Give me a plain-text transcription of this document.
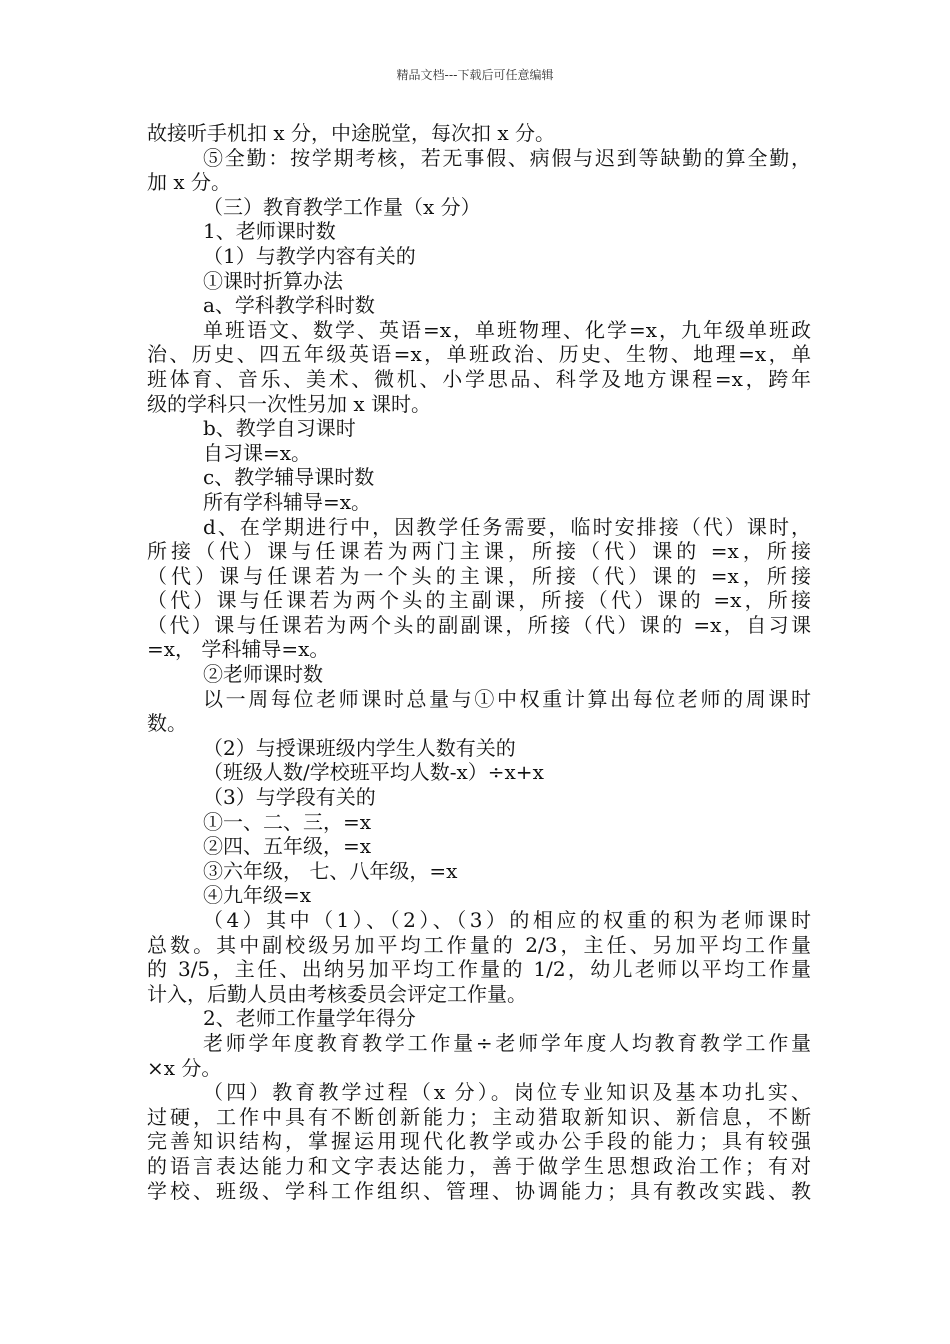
精品文档---下载后可任意编辑
故接听手机扣 x 分，中途脱堂，每次扣 x 分。
⑤全勤：按学期考核，若无事假、病假与迟到等缺勤的算全勤，
加 x 分。
（三）教育教学工作量（x 分）
1、老师课时数
（1）与教学内容有关的
①课时折算办法
a、学科教学科时数
单班语文、数学、英语=x，单班物理、化学=x，九年级单班政
治、历史、四五年级英语=x，单班政治、历史、生物、地理=x，单
班体育、音乐、美术、微机、小学思品、科学及地方课程=x，跨年
级的学科只一次性另加 x 课时。
b、教学自习课时
自习课=x。
c、教学辅导课时数
所有学科辅导=x。
d、在学期进行中，因教学任务需要，临时安排接（代）课时，
所接（代）课与任课若为两门主课，所接（代）课的 =x，所接
（代）课与任课若为一个头的主课，所接（代）课的 =x，所接
（代）课与任课若为两个头的主副课，所接（代）课的 =x，所接
（代）课与任课若为两个头的副副课，所接（代）课的 =x，自习课
=x， 学科辅导=x。
②老师课时数
以一周每位老师课时总量与①中权重计算出每位老师的周课时
数。
（2）与授课班级内学生人数有关的
（班级人数/学校班平均人数-x）÷x+x
（3）与学段有关的
①一、二、三，=x
②四、五年级，=x
③六年级， 七、八年级，=x
④九年级=x
（4）其中（1）、（2）、（3）的相应的权重的积为老师课时
总数。其中副校级另加平均工作量的 2/3，主任、另加平均工作量
的 3/5，主任、出纳另加平均工作量的 1/2，幼儿老师以平均工作量
计入，后勤人员由考核委员会评定工作量。
2、老师工作量学年得分
老师学年度教育教学工作量÷老师学年度人均教育教学工作量
×x 分。
（四）教育教学过程（x 分）。岗位专业知识及基本功扎实、
过硬，工作中具有不断创新能力；主动猎取新知识、新信息，不断
完善知识结构，掌握运用现代化教学或办公手段的能力；具有较强
的语言表达能力和文字表达能力，善于做学生思想政治工作；有对
学校、班级、学科工作组织、管理、协调能力；具有教改实践、教
